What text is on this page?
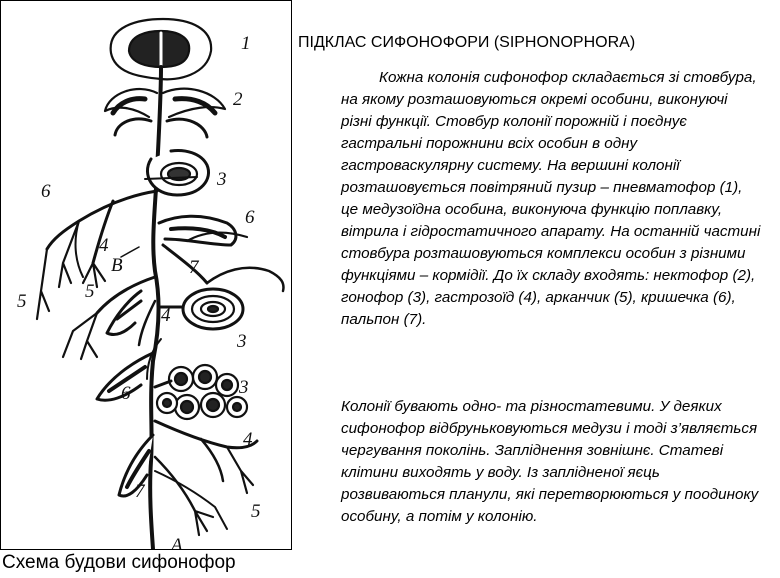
1
2
3
6
6
4
В	7
5	5
4
3
6	3
4
7
5
А
Схема будови сифонофор
ПІДКЛАС СИФОНОФОРИ (SIPHONOPHORA)

Кожна колонія сифонофор складається зі стовбура, на якому розташовуються окремі особини, виконуючі різні функції. Стовбур колонії порожній і поєднує гастральні порожнини всіх особин в одну гастроваскулярну систему. На вершині колонії розташовується повітряний пузир – пневматофор (1), це медузоїдна особина, виконуюча функцію поплавку, вітрила і гідростатичного апарату. На останній частині стовбура розташовуються комплекси особин з різними функціями – кормідії. До їх складу входять: нектофор (2), гонофор (3), гастрозоїд (4), арканчик (5), кришечка (6), пальпон (7).

Колонії бувають одно- та різностатевими. У деяких сифонофор відбруньковуються медузи і тоді з’являється чергування поколінь. Запліднення зовнішнє. Статеві клітини виходять у воду. Із заплідненої яєць розвиваються планули, які перетворюються у поодиноку особину, а потім у колонію.
